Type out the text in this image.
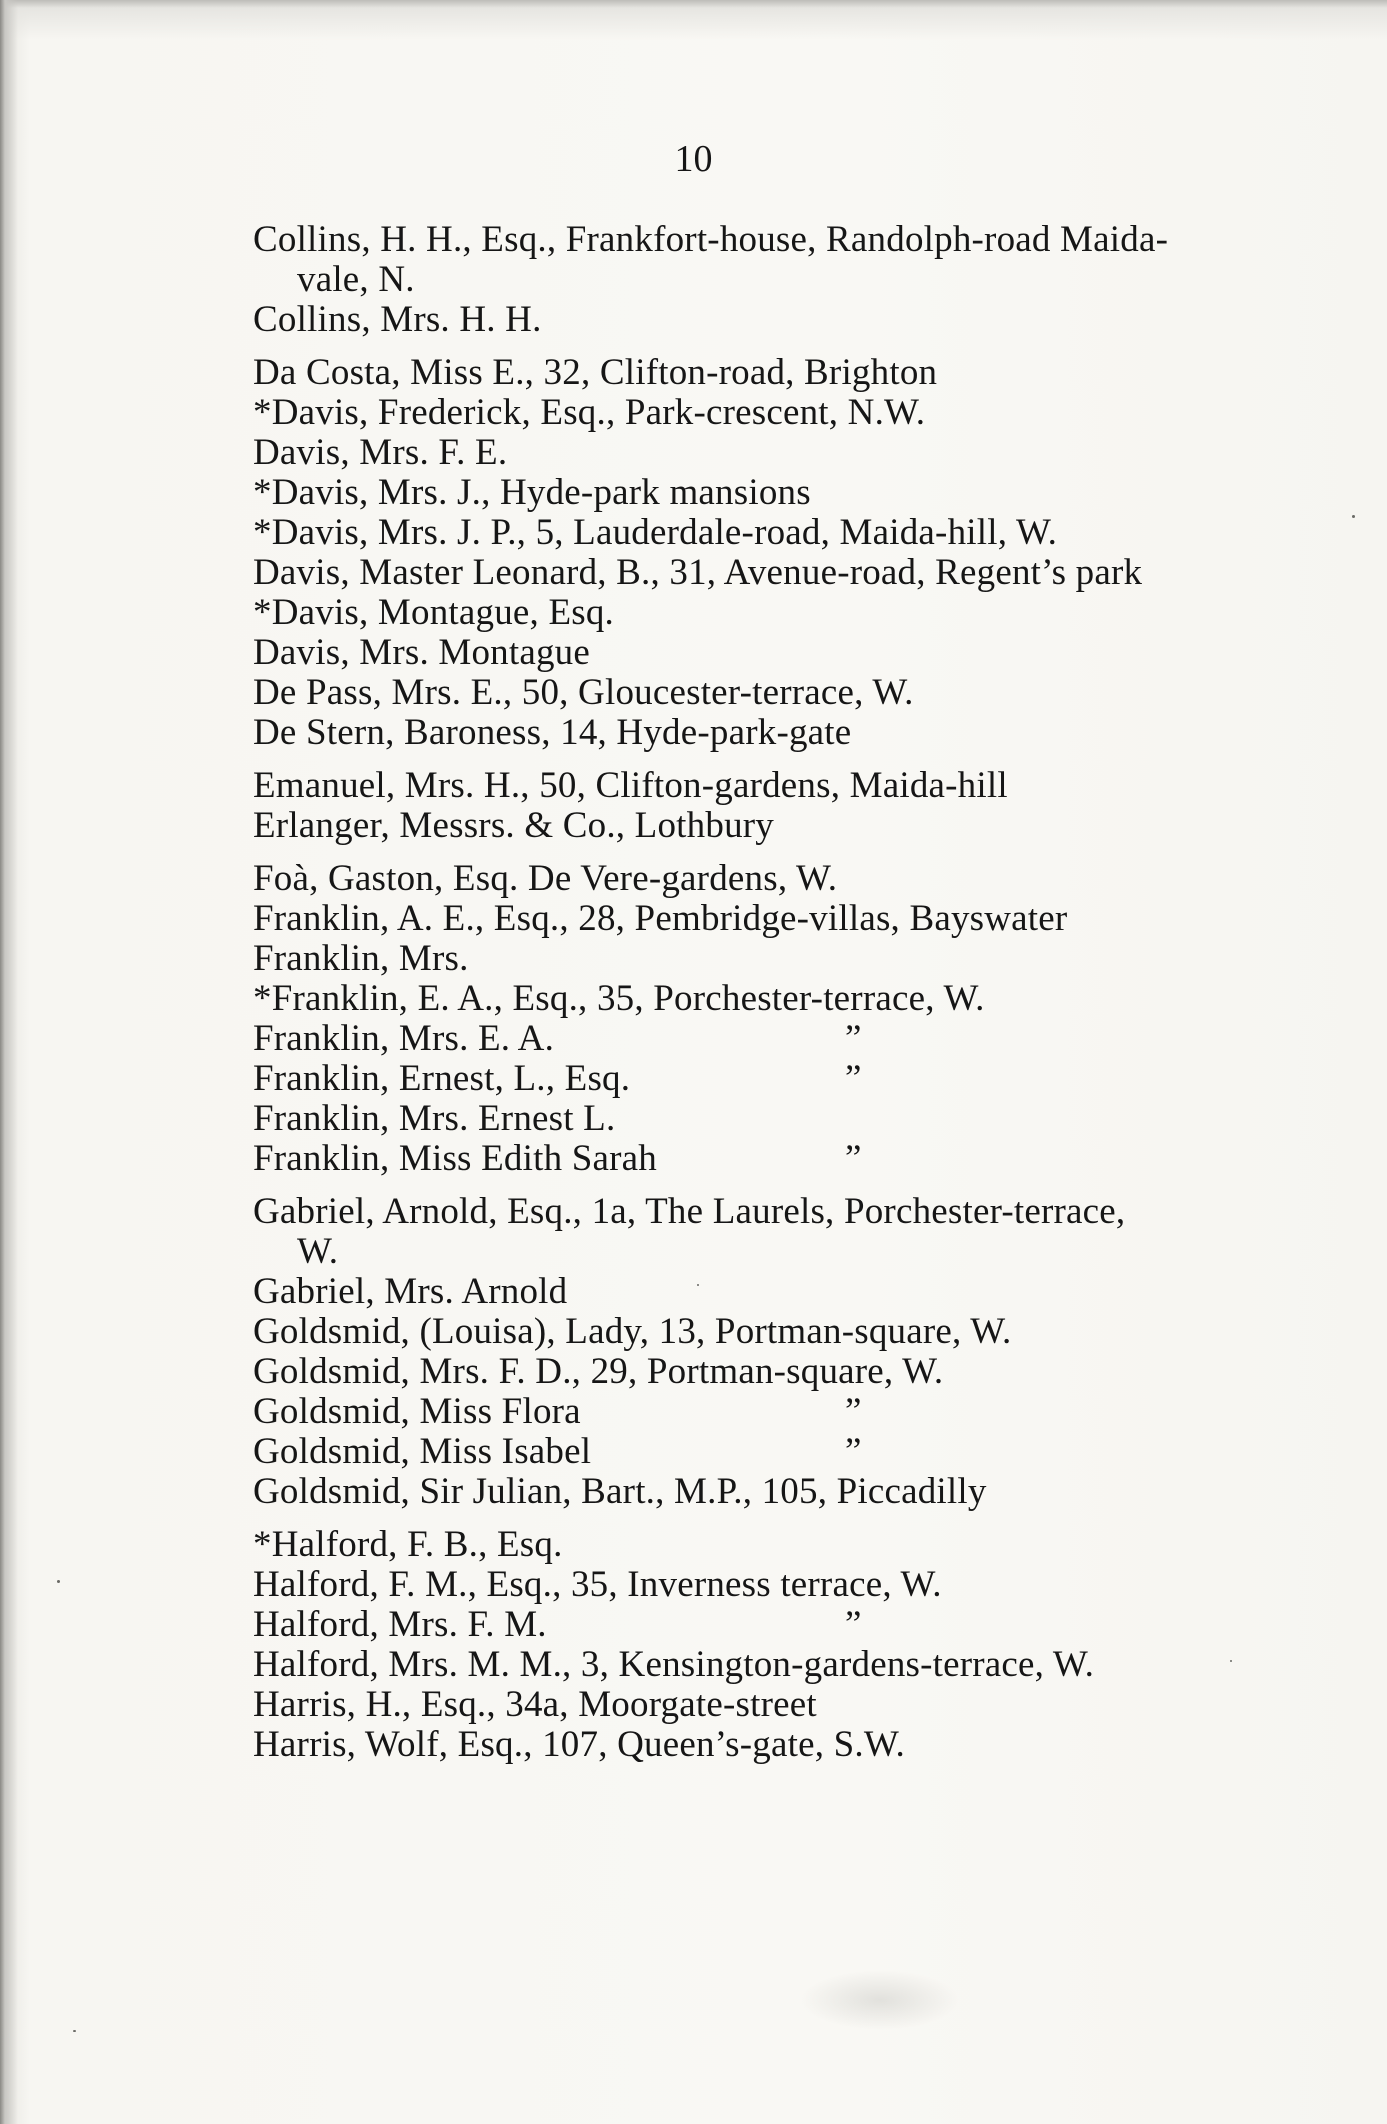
10
Collins, H. H., Esq., Frankfort-house, Randolph-road Maida-
vale, N.
Collins, Mrs. H. H.
Da Costa, Miss E., 32, Clifton-road, Brighton
*Davis, Frederick, Esq., Park-crescent, N.W.
Davis, Mrs. F. E.
*Davis, Mrs. J., Hyde-park mansions
*Davis, Mrs. J. P., 5, Lauderdale-road, Maida-hill, W.
Davis, Master Leonard, B., 31, Avenue-road, Regent’s park
*Davis, Montague, Esq.
Davis, Mrs. Montague
De Pass, Mrs. E., 50, Gloucester-terrace, W.
De Stern, Baroness, 14, Hyde-park-gate
Emanuel, Mrs. H., 50, Clifton-gardens, Maida-hill
Erlanger, Messrs. & Co., Lothbury
Foà, Gaston, Esq. De Vere-gardens, W.
Franklin, A. E., Esq., 28, Pembridge-villas, Bayswater
Franklin, Mrs.
*Franklin, E. A., Esq., 35, Porchester-terrace, W.
Franklin, Mrs. E. A.	”
Franklin, Ernest, L., Esq.	”
Franklin, Mrs. Ernest L.
Franklin, Miss Edith Sarah	”
Gabriel, Arnold, Esq., 1a, The Laurels, Porchester-terrace,
W.
Gabriel, Mrs. Arnold
Goldsmid, (Louisa), Lady, 13, Portman-square, W.
Goldsmid, Mrs. F. D., 29, Portman-square, W.
Goldsmid, Miss Flora	”
Goldsmid, Miss Isabel	”
Goldsmid, Sir Julian, Bart., M.P., 105, Piccadilly
*Halford, F. B., Esq.
Halford, F. M., Esq., 35, Inverness terrace, W.
Halford, Mrs. F. M.	”
Halford, Mrs. M. M., 3, Kensington-gardens-terrace, W.
Harris, H., Esq., 34a, Moorgate-street
Harris, Wolf, Esq., 107, Queen’s-gate, S.W.
